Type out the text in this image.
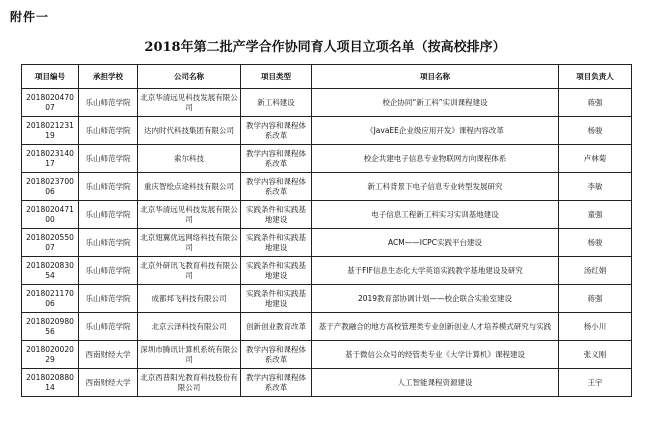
附件一
2018年第二批产学合作协同育人项目立项名单（按高校排序）
项目编号	承担学校	公司名称	项目类型	项目名称	项目负责人
201802047007	乐山师范学院	北京华清远见科技发展有限公司	新工科建设	校企协同“新工科”实训课程建设	蒋强
201802123119	乐山师范学院	达内时代科技集团有限公司	教学内容和课程体系改革	《JavaEE企业级应用开发》课程内容改革	杨骏
201802314017	乐山师范学院	索尔科技	教学内容和课程体系改革	校企共建电子信息专业物联网方向课程体系	卢林菊
201802370006	乐山师范学院	重庆智绘点途科技有限公司	教学内容和课程体系改革	新工科背景下电子信息专业转型发展研究	李敏
201802047100	乐山师范学院	北京华清远见科技发展有限公司	实践条件和实践基地建设	电子信息工程新工科实习实训基地建设	童强
201802055007	乐山师范学院	北京翅翼优远网络科技有限公司	实践条件和实践基地建设	ACM——ICPC实践平台建设	杨骏
201802083054	乐山师范学院	北京外研讯飞教育科技有限公司	实践条件和实践基地建设	基于FIF信息生态化大学英语实践教学基地建设及研究	汤红娟
201802117006	乐山师范学院	成都邦飞科技有限公司	实践条件和实践基地建设	2019教育部协调计划——校企联合实验室建设	蒋强
201802098056	乐山师范学院	北京云泽科技有限公司	创新创业教育改革	基于产教融合的地方高校管理类专业创新创业人才培养模式研究与实践	杨小川
201802002029	西南财经大学	深圳市腾讯计算机系统有限公司	教学内容和课程体系改革	基于微信公众号的经管类专业《大学计算机》课程建设	张义刚
201802088014	西南财经大学	北京西普阳光教育科技股份有限公司	教学内容和课程体系改革	人工智能课程资源建设	王宇
